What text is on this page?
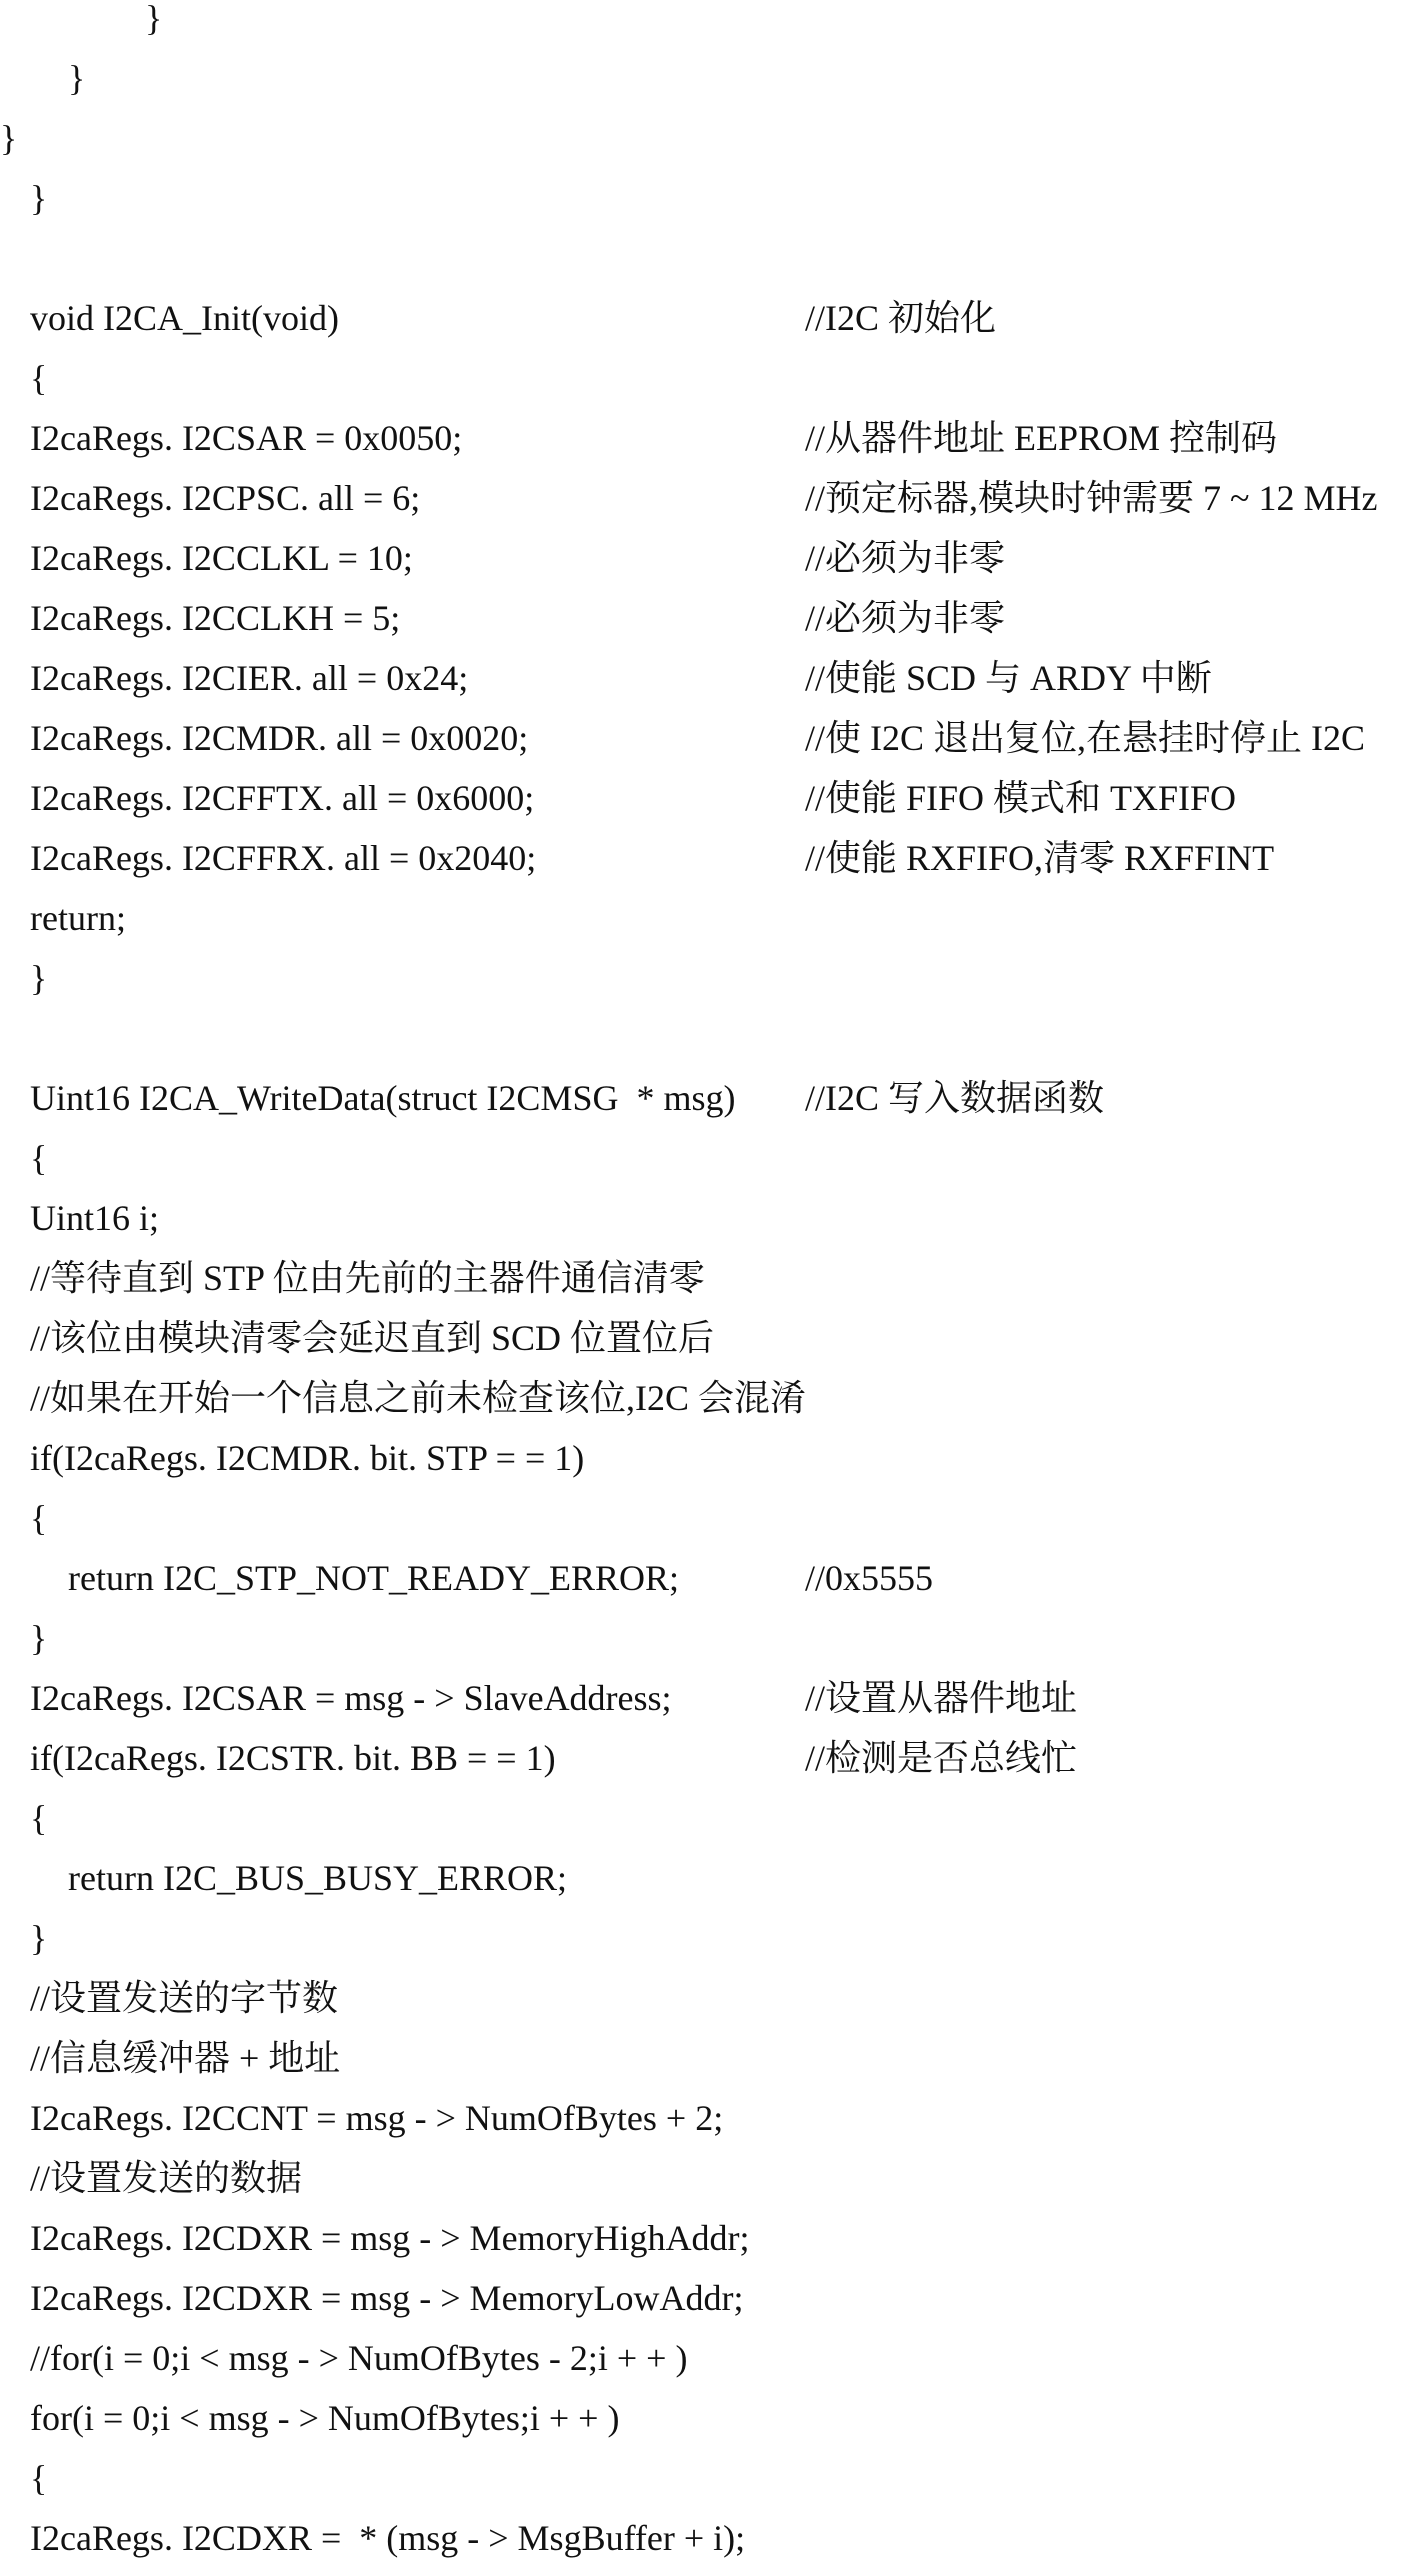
}
}
}
}
void I2CA_Init(void)	//I2C 初始化
{
I2caRegs. I2CSAR = 0x0050;	//从器件地址 EEPROM 控制码
I2caRegs. I2CPSC. all = 6;	//预定标器,模块时钟需要 7 ~ 12 MHz
I2caRegs. I2CCLKL = 10;	//必须为非零
I2caRegs. I2CCLKH = 5;	//必须为非零
I2caRegs. I2CIER. all = 0x24;	//使能 SCD 与 ARDY 中断
I2caRegs. I2CMDR. all = 0x0020;	//使 I2C 退出复位,在悬挂时停止 I2C
I2caRegs. I2CFFTX. all = 0x6000;	//使能 FIFO 模式和 TXFIFO
I2caRegs. I2CFFRX. all = 0x2040;	//使能 RXFIFO,清零 RXFFINT
return;
}
Uint16 I2CA_WriteData(struct I2CMSG  * msg) //I2C 写入数据函数
{
Uint16 i;
//等待直到 STP 位由先前的主器件通信清零
//该位由模块清零会延迟直到 SCD 位置位后
//如果在开始一个信息之前未检查该位,I2C 会混淆
if(I2caRegs. I2CMDR. bit. STP = = 1)
{
return I2C_STP_NOT_READY_ERROR;	//0x5555
}
I2caRegs. I2CSAR = msg - > SlaveAddress;	//设置从器件地址
if(I2caRegs. I2CSTR. bit. BB = = 1)	//检测是否总线忙
{
return I2C_BUS_BUSY_ERROR;
}
//设置发送的字节数
//信息缓冲器 + 地址
I2caRegs. I2CCNT = msg - > NumOfBytes + 2;
//设置发送的数据
I2caRegs. I2CDXR = msg - > MemoryHighAddr;
I2caRegs. I2CDXR = msg - > MemoryLowAddr;
//for(i = 0;i < msg - > NumOfBytes - 2;i + + )
for(i = 0;i < msg - > NumOfBytes;i + + )
{
I2caRegs. I2CDXR =  * (msg - > MsgBuffer + i);
